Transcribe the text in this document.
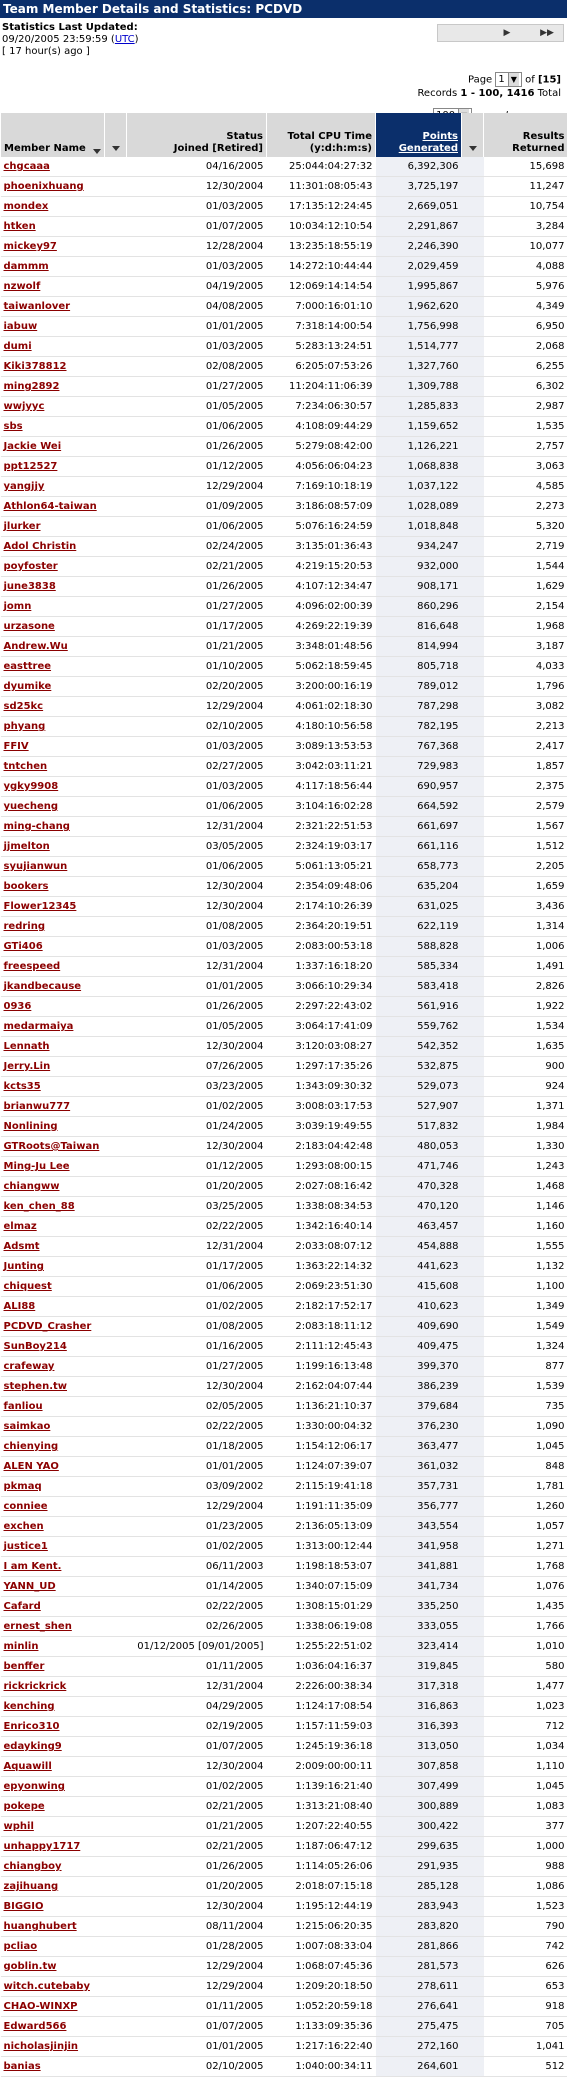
Team Member Details and Statistics: PCDVD
Statistics Last Updated:
09/20/2005 23:59:59 (UTC)
[ 17 hour(s) ago ]
▶	▶▶
Page 1 ▼ of [15]
Records 1 - 100, 1416 Total
Member Name		Status
Joined [Retired]	Total CPU Time (y:d:h:m:s)	Points Generated		Results Returned
chgcaaa		04/16/2005	25:044:04:27:32	6,392,306		15,698
phoenixhuang		12/30/2004	11:301:08:05:43	3,725,197		11,247
mondex		01/03/2005	17:135:12:24:45	2,669,051		10,754
htken		01/07/2005	10:034:12:10:54	2,291,867		3,284
mickey97		12/28/2004	13:235:18:55:19	2,246,390		10,077
dammm		01/03/2005	14:272:10:44:44	2,029,459		4,088
nzwolf		04/19/2005	12:069:14:14:54	1,995,867		5,976
taiwanlover		04/08/2005	7:000:16:01:10	1,962,620		4,349
iabuw		01/01/2005	7:318:14:00:54	1,756,998		6,950
dumi		01/03/2005	5:283:13:24:51	1,514,777		2,068
Kiki378812		02/08/2005	6:205:07:53:26	1,327,760		6,255
ming2892		01/27/2005	11:204:11:06:39	1,309,788		6,302
wwjyyc		01/05/2005	7:234:06:30:57	1,285,833		2,987
sbs		01/06/2005	4:108:09:44:29	1,159,652		1,535
Jackie Wei		01/26/2005	5:279:08:42:00	1,126,221		2,757
ppt12527		01/12/2005	4:056:06:04:23	1,068,838		3,063
yangjjy		12/29/2004	7:169:10:18:19	1,037,122		4,585
Athlon64-taiwan		01/09/2005	3:186:08:57:09	1,028,089		2,273
jlurker		01/06/2005	5:076:16:24:59	1,018,848		5,320
Adol Christin		02/24/2005	3:135:01:36:43	934,247		2,719
poyfoster		02/21/2005	4:219:15:20:53	932,000		1,544
june3838		01/26/2005	4:107:12:34:47	908,171		1,629
jomn		01/27/2005	4:096:02:00:39	860,296		2,154
urzasone		01/17/2005	4:269:22:19:39	816,648		1,968
Andrew.Wu		01/21/2005	3:348:01:48:56	814,994		3,187
easttree		01/10/2005	5:062:18:59:45	805,718		4,033
dyumike		02/20/2005	3:200:00:16:19	789,012		1,796
sd25kc		12/29/2004	4:061:02:18:30	787,298		3,082
phyang		02/10/2005	4:180:10:56:58	782,195		2,213
FFIV		01/03/2005	3:089:13:53:53	767,368		2,417
tntchen		02/27/2005	3:042:03:11:21	729,983		1,857
ygky9908		01/03/2005	4:117:18:56:44	690,957		2,375
yuecheng		01/06/2005	3:104:16:02:28	664,592		2,579
ming-chang		12/31/2004	2:321:22:51:53	661,697		1,567
jjmelton		03/05/2005	2:324:19:03:17	661,116		1,512
syujianwun		01/06/2005	5:061:13:05:21	658,773		2,205
bookers		12/30/2004	2:354:09:48:06	635,204		1,659
Flower12345		12/30/2004	2:174:10:26:39	631,025		3,436
redring		01/08/2005	2:364:20:19:51	622,119		1,314
GTi406		01/03/2005	2:083:00:53:18	588,828		1,006
freespeed		12/31/2004	1:337:16:18:20	585,334		1,491
jkandbecause		01/01/2005	3:066:10:29:34	583,418		2,826
0936		01/26/2005	2:297:22:43:02	561,916		1,922
medarmaiya		01/05/2005	3:064:17:41:09	559,762		1,534
Lennath		12/30/2004	3:120:03:08:27	542,352		1,635
Jerry.Lin		07/26/2005	1:297:17:35:26	532,875		900
kcts35		03/23/2005	1:343:09:30:32	529,073		924
brianwu777		01/02/2005	3:008:03:17:53	527,907		1,371
Nonlining		01/24/2005	3:039:19:49:55	517,832		1,984
GTRoots@Taiwan		12/30/2004	2:183:04:42:48	480,053		1,330
Ming-Ju Lee		01/12/2005	1:293:08:00:15	471,746		1,243
chiangww		01/20/2005	2:027:08:16:42	470,328		1,468
ken_chen_88		03/25/2005	1:338:08:34:53	470,120		1,146
elmaz		02/22/2005	1:342:16:40:14	463,457		1,160
Adsmt		12/31/2004	2:033:08:07:12	454,888		1,555
Junting		01/17/2005	1:363:22:14:32	441,623		1,132
chiquest		01/06/2005	2:069:23:51:30	415,608		1,100
ALI88		01/02/2005	2:182:17:52:17	410,623		1,349
PCDVD_Crasher		01/08/2005	2:083:18:11:12	409,690		1,549
SunBoy214		01/16/2005	2:111:12:45:43	409,475		1,324
crafeway		01/27/2005	1:199:16:13:48	399,370		877
stephen.tw		12/30/2004	2:162:04:07:44	386,239		1,539
fanliou		02/05/2005	1:136:21:10:37	379,684		735
saimkao		02/22/2005	1:330:00:04:32	376,230		1,090
chienying		01/18/2005	1:154:12:06:17	363,477		1,045
ALEN YAO		01/01/2005	1:124:07:39:07	361,032		848
pkmaq		03/09/2002	2:115:19:41:18	357,731		1,781
conniee		12/29/2004	1:191:11:35:09	356,777		1,260
exchen		01/23/2005	2:136:05:13:09	343,554		1,057
justice1		01/02/2005	1:313:00:12:44	341,958		1,271
I am Kent.		06/11/2003	1:198:18:53:07	341,881		1,768
YANN_UD		01/14/2005	1:340:07:15:09	341,734		1,076
Cafard		02/22/2005	1:308:15:01:29	335,250		1,435
ernest_shen		02/26/2005	1:338:06:19:08	333,055		1,766
minlin		01/12/2005 [09/01/2005]	1:255:22:51:02	323,414		1,010
benffer		01/11/2005	1:036:04:16:37	319,845		580
rickrickrick		12/31/2004	2:226:00:38:34	317,318		1,477
kenching		04/29/2005	1:124:17:08:54	316,863		1,023
Enrico310		02/19/2005	1:157:11:59:03	316,393		712
edayking9		01/07/2005	1:245:19:36:18	313,050		1,034
Aquawill		12/30/2004	2:009:00:00:11	307,858		1,110
epyonwing		01/02/2005	1:139:16:21:40	307,499		1,045
pokepe		02/21/2005	1:313:21:08:40	300,889		1,083
wphil		01/21/2005	1:207:22:40:55	300,422		377
unhappy1717		02/21/2005	1:187:06:47:12	299,635		1,000
chiangboy		01/26/2005	1:114:05:26:06	291,935		988
zajihuang		01/20/2005	2:018:07:15:18	285,128		1,086
BIGGIO		12/30/2004	1:195:12:44:19	283,943		1,523
huanghubert		08/11/2004	1:215:06:20:35	283,820		790
pcliao		01/28/2005	1:007:08:33:04	281,866		742
goblin.tw		12/29/2004	1:068:07:45:36	281,573		626
witch.cutebaby		12/29/2004	1:209:20:18:50	278,611		653
CHAO-WINXP		01/11/2005	1:052:20:59:18	276,641		918
Edward566		01/07/2005	1:133:09:35:36	275,475		705
nicholasjinjin		01/01/2005	1:217:16:22:40	272,160		1,041
banias		02/10/2005	1:040:00:34:11	264,601		512
